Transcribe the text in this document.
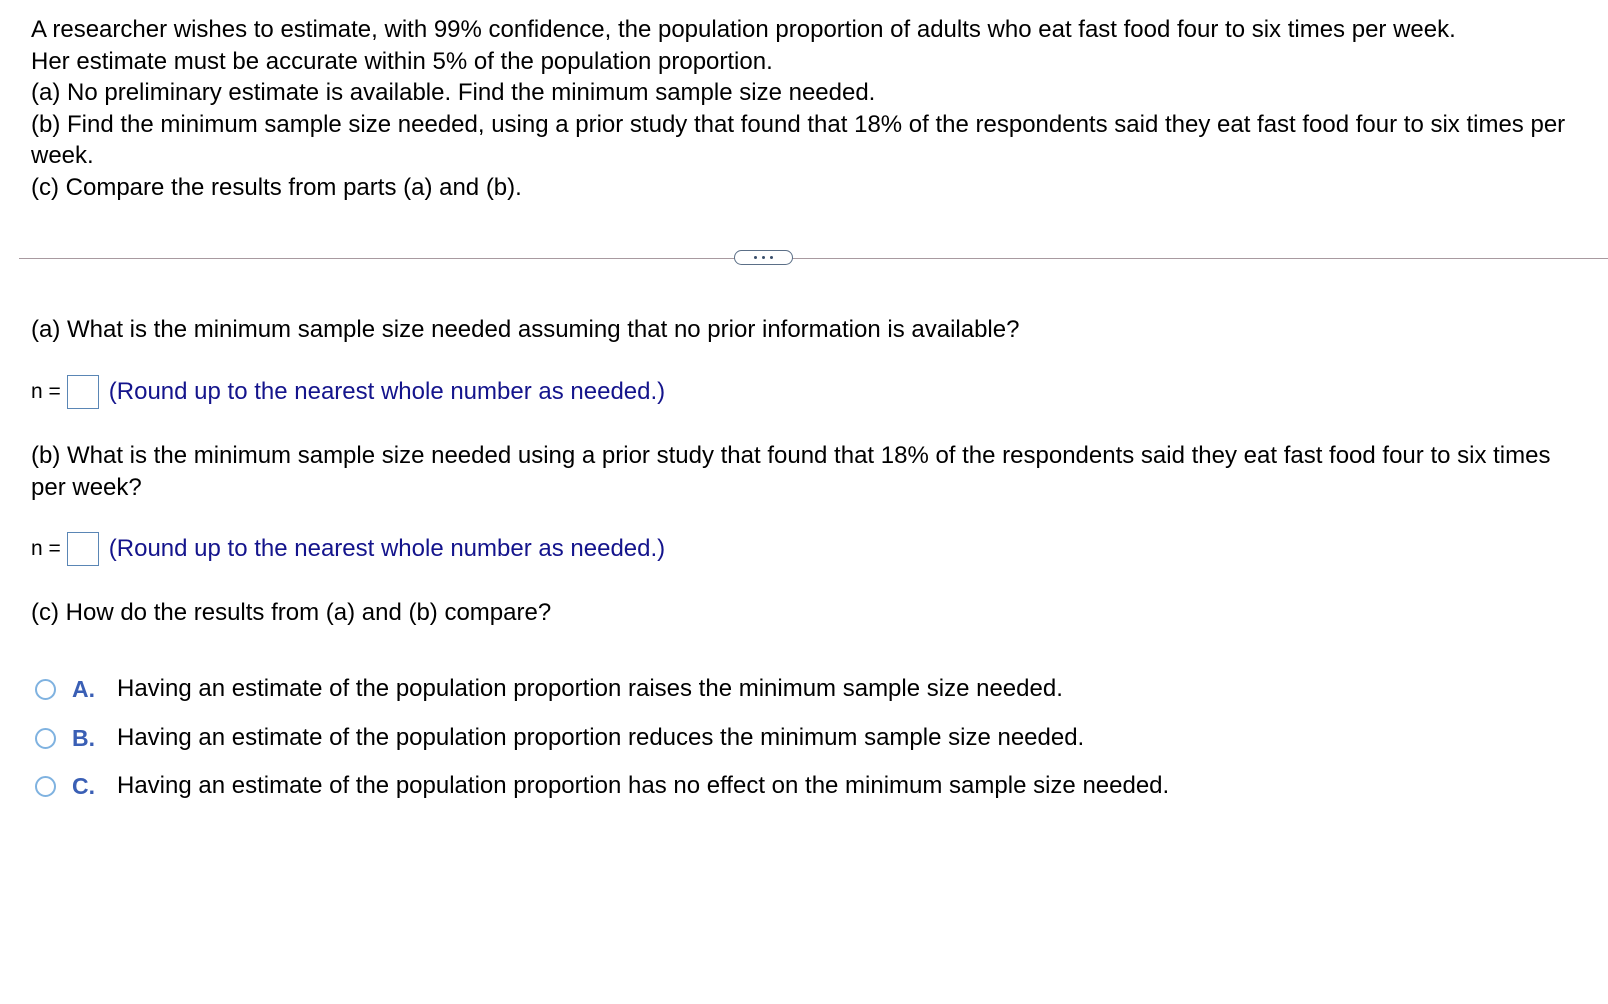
A researcher wishes to estimate, with 99% confidence, the population proportion of adults who eat fast food four to six times per week.

Her estimate must be accurate within 5% of the population proportion.

(a) No preliminary estimate is available. Find the minimum sample size needed.

(b) Find the minimum sample size needed, using a prior study that found that 18% of the respondents said they eat fast food four to six times per week.

(c) Compare the results from parts (a) and (b).

(a) What is the minimum sample size needed assuming that no prior information is available?

n = (Round up to the nearest whole number as needed.)

(b) What is the minimum sample size needed using a prior study that found that 18% of the respondents said they eat fast food four to six times per week?

n = (Round up to the nearest whole number as needed.)

(c) How do the results from (a) and (b) compare?

A. Having an estimate of the population proportion raises the minimum sample size needed.
B. Having an estimate of the population proportion reduces the minimum sample size needed.
C. Having an estimate of the population proportion has no effect on the minimum sample size needed.
